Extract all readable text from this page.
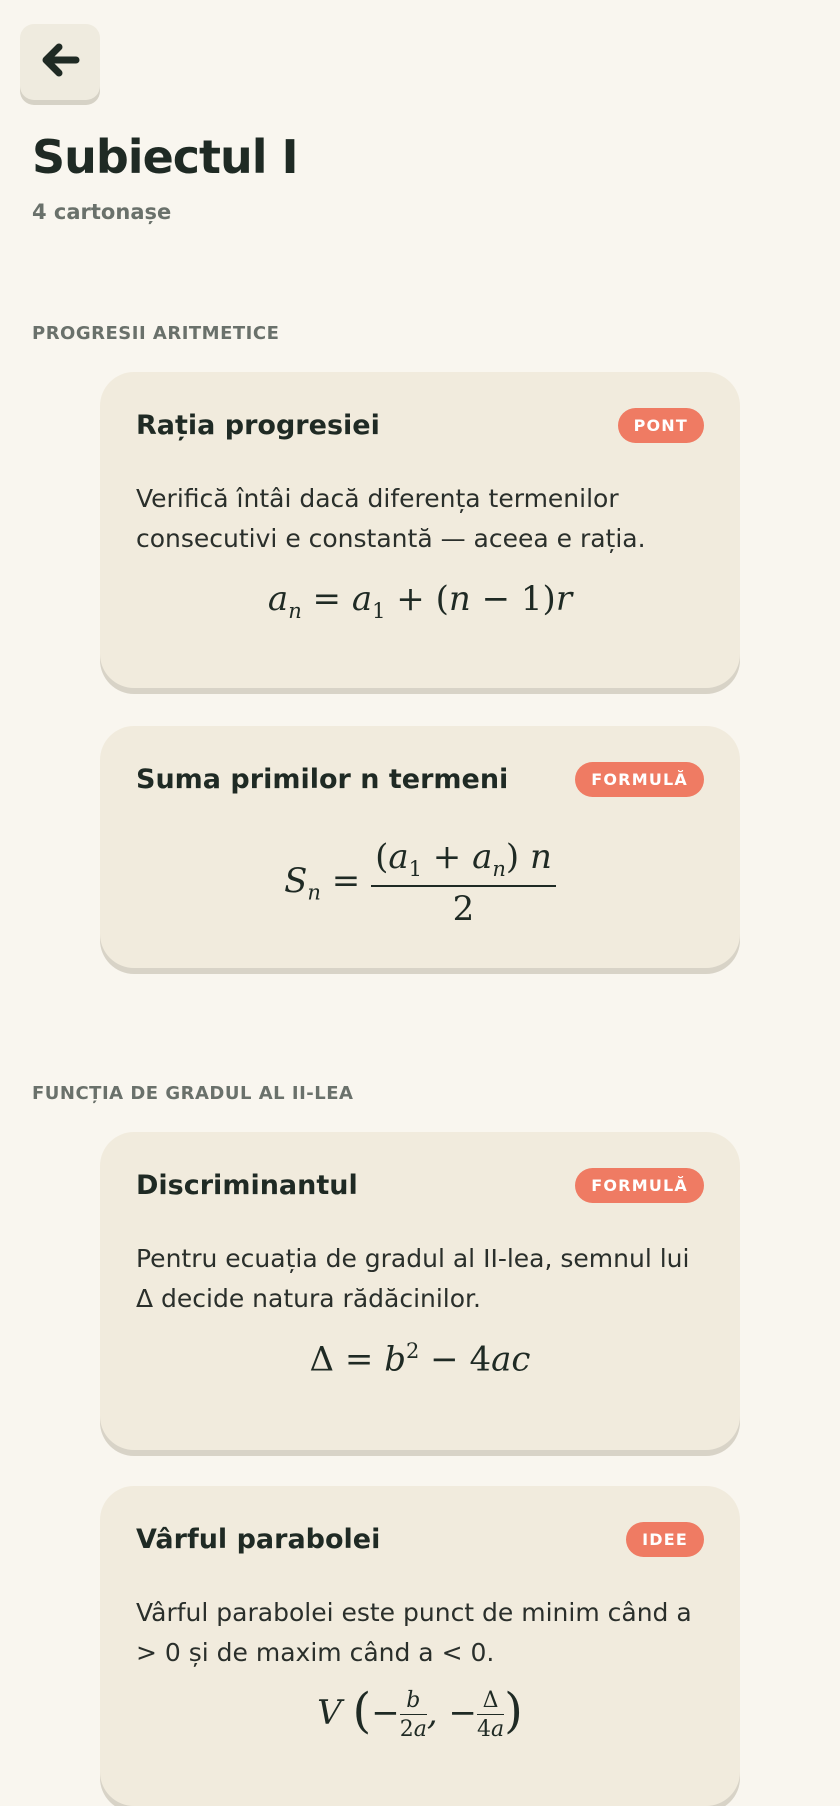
Subiectul I
4 cartonașe
PROGRESII ARITMETICE
Rația progresiei	PONT
Verifică întâi dacă diferența termenilor consecutivi e constantă — aceea e rația.
$a_n = a_1 + (n - 1)r$
Suma primilor n termeni	FORMULĂ
$S_n = \frac{(a_1 + a_n) n}{2}$
FUNCȚIA DE GRADUL AL II-LEA
Discriminantul	FORMULĂ
Pentru ecuația de gradul al II-lea, semnul lui Δ decide natura rădăcinilor.
$\Delta = b^2 - 4ac$
Vârful parabolei	IDEE
Vârful parabolei este punct de minim când a > 0 și de maxim când a < 0.
V (− $\frac{b}{2a}$ , − $\frac{\Delta}{4a}$ )
